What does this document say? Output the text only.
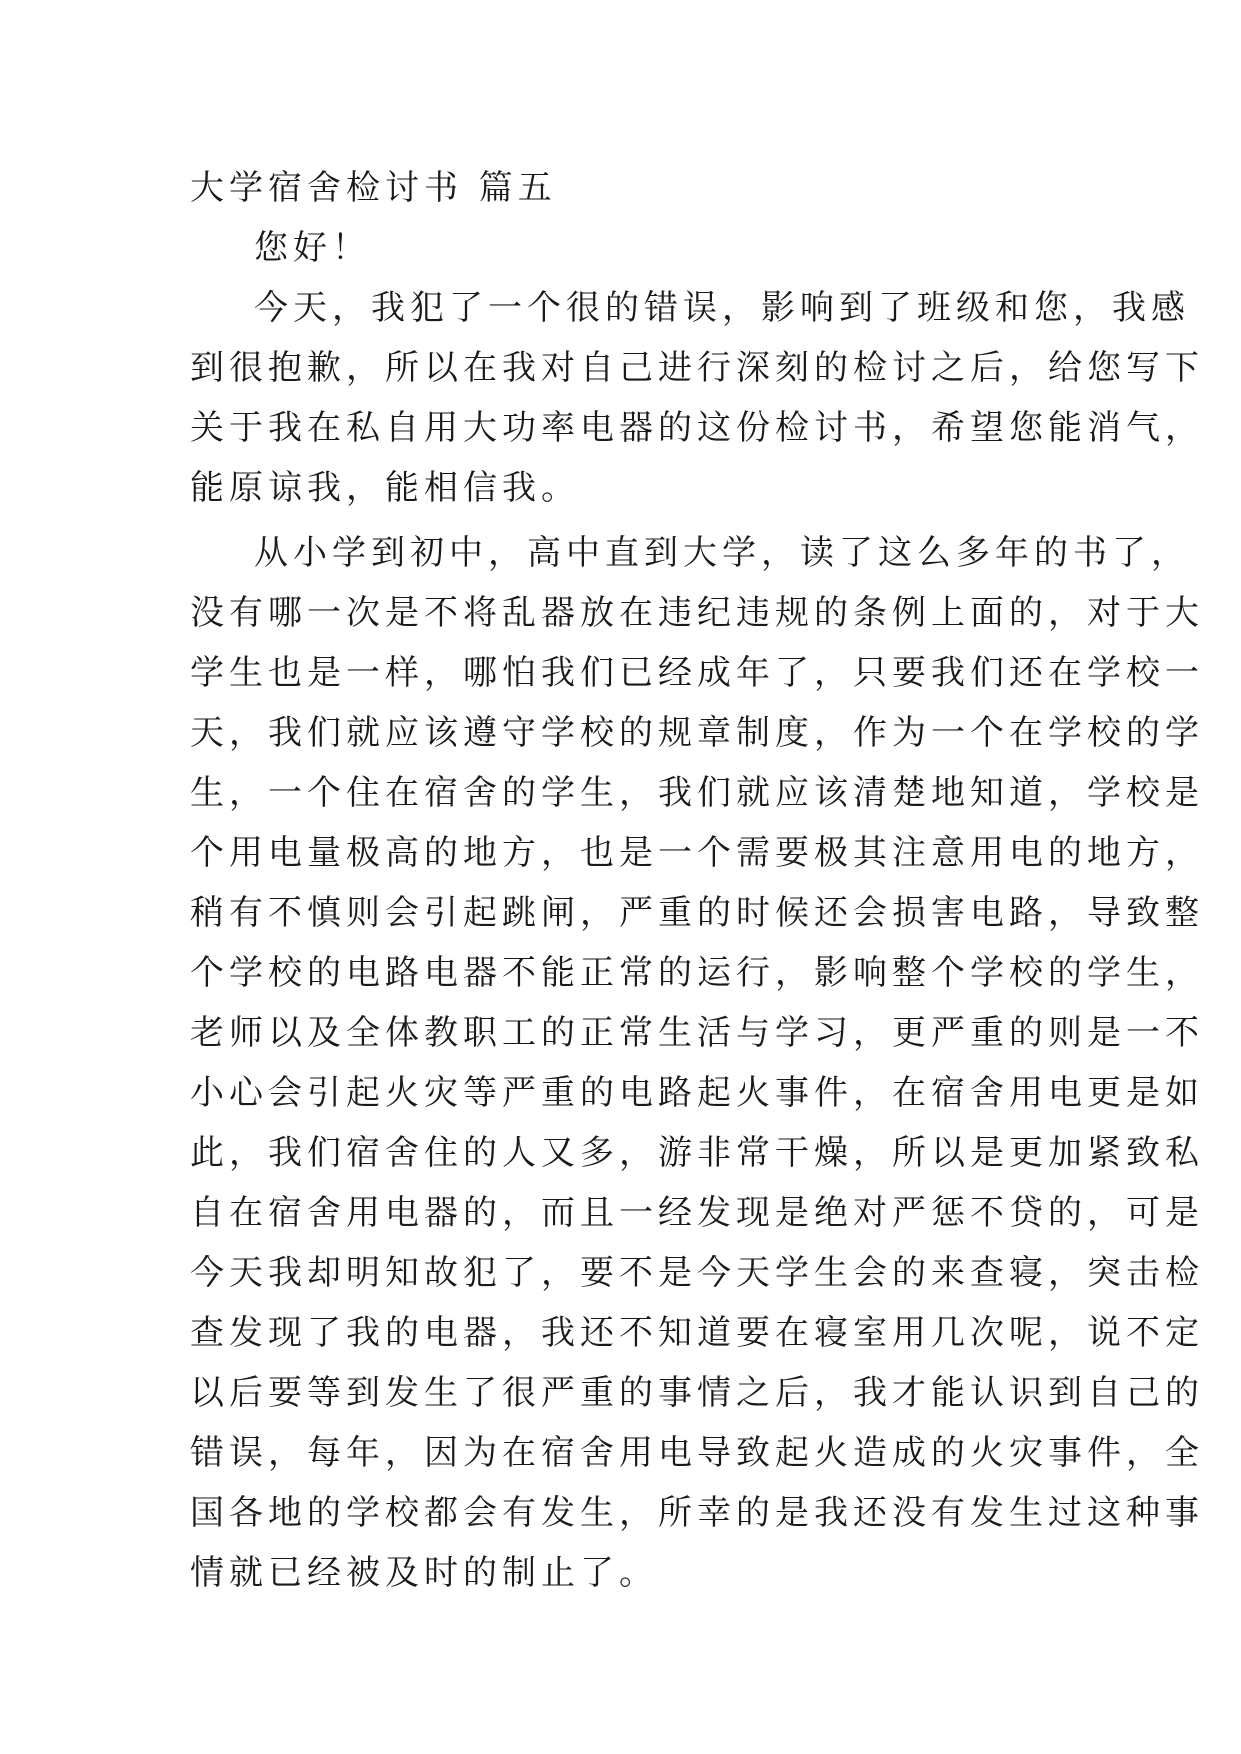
大学宿舍检讨书 篇五

您好！

今天，我犯了一个很的错误，影响到了班级和您，我感
到很抱歉，所以在我对自己进行深刻的检讨之后，给您写下
关于我在私自用大功率电器的这份检讨书，希望您能消气，
能原谅我，能相信我。
从小学到初中，高中直到大学，读了这么多年的书了，
没有哪一次是不将乱器放在违纪违规的条例上面的，对于大
学生也是一样，哪怕我们已经成年了，只要我们还在学校一
天，我们就应该遵守学校的规章制度，作为一个在学校的学
生，一个住在宿舍的学生，我们就应该清楚地知道，学校是
个用电量极高的地方，也是一个需要极其注意用电的地方，
稍有不慎则会引起跳闸，严重的时候还会损害电路，导致整
个学校的电路电器不能正常的运行，影响整个学校的学生，
老师以及全体教职工的正常生活与学习，更严重的则是一不
小心会引起火灾等严重的电路起火事件，在宿舍用电更是如
此，我们宿舍住的人又多，游非常干燥，所以是更加紧致私
自在宿舍用电器的，而且一经发现是绝对严惩不贷的，可是
今天我却明知故犯了，要不是今天学生会的来查寝，突击检
查发现了我的电器，我还不知道要在寝室用几次呢，说不定
以后要等到发生了很严重的事情之后，我才能认识到自己的
错误，每年，因为在宿舍用电导致起火造成的火灾事件，全
国各地的学校都会有发生，所幸的是我还没有发生过这种事
情就已经被及时的制止了。
